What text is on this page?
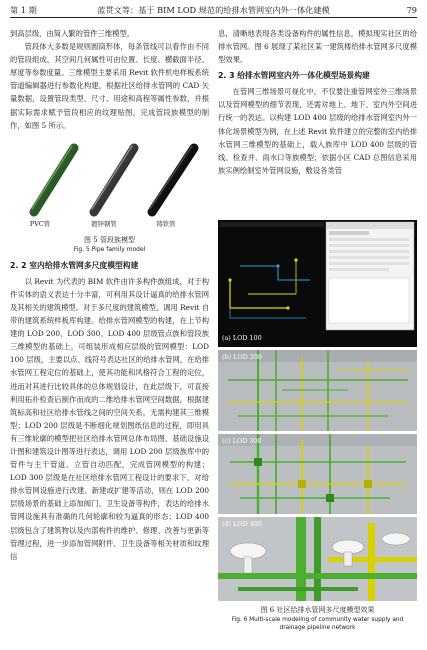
第 1 期	蓝贯文等：基于 BIM LOD 规范的给排水管网室内外一体化建模	79

到高层级、由简入繁的管件三维模型。

管段体大多数是规则圆筒形体，每条管线可以看作由不同的管段组成，其空间几何属性可由位置、长度、横截面半径、厚度等参数度量。三维模型主要采用 Revit 软件机电样板系统管道编辑器进行参数化构建，根据社区给排水管网的 CAD 矢量数据，设置管段类型、尺寸、用途和高程等属性参数，并根据实际需求赋予管段相应的纹理贴图，完成管段族模型的制作，如图 5 所示。

PVC管	镀锌钢管	铸铁管
图 5 管段族模型
Fig. 5 Pipe family model
2. 2 室内给排水管网多尺度模型构建

以 Revit 为代表的 BIM 软件由许多构件族组成，对于构件实体的语义表达十分丰富，可利用其设计逼真的给排水管网及其相关的建筑模型。对于多尺度的建筑模型，调用 Revit 自带的建筑系统样板库构建。给排水管网模型的构建，在上节构建的 LOD 200、LOD 300、LOD 400 层级管点族和管段族三维模型的基础上，可组装形成相应层级的管网模型：LOD 100 层级，主要以点、线符号表达社区的给排水管网，在给排水管网工程定位的基础上，使其功能和风格符合工程的定位，进而对其进行比较具体的总体规划设计，在此层级下，可直接利用拓扑检查后制作而成的二维给排水管网空间数据，根据建筑标高和社区给排水管线之间的空间关系，无需构建其三维模型；LOD 200 层级是不断细化规划图纸信息的过程，即用具有三维轮廓的模型把社区给排水管网总体布局图、基础设施设计图和建筑设计图等进行表达，调用 LOD 200 层级族库中的管件与主干管道、立管自动匹配，完成管网模型的构建；LOD 300 层级是在社区给排水管网工程设计的要求下，对给排水管网设施进行改建、新建或扩建等活动，则在 LOD 200 层级场景的基础上添加阀门、卫生设备等构件，表达的给排水管网设施具有准确的几何轮廓和较为逼真的形态；LOD 400 层级包含了建筑物以及内部构件的维护、修理、改善与更新等管理过程，进一步添加管网附件、卫生设备等相关材质和纹理信

息，清晰地表现各类设备构件的属性信息，模拟现实社区的给排水管网。图 6 展现了某社区某一建筑楼给排水管网多尺度模型效果。

2. 3 给排水管网室内外一体化模型场景构建

在管网三维场景可视化中，不仅要注重管网室外三维场景以及管网模型的细节表现，还需对地上、地下、室内外空间进行统一的表达。以构建 LOD 400 层级的给排水管网室内外一体化场景模型为例，在上述 Revit 软件建立的完整的室内给排水管网三维模型的基础上，载入族库中 LOD 400 层级的管线、检查井、雨水口等族模型；依据小区 CAD 总图信息采用族实例绘制室外管网设施，敷设各类管

(a) LOD 100
(b) LOD 200
(c) LOD 300
(d) LOD 400
图 6 社区给排水管网多尺度模型效果
Fig. 6 Multi-scale modeling of community water supply and drainage pipeline network
